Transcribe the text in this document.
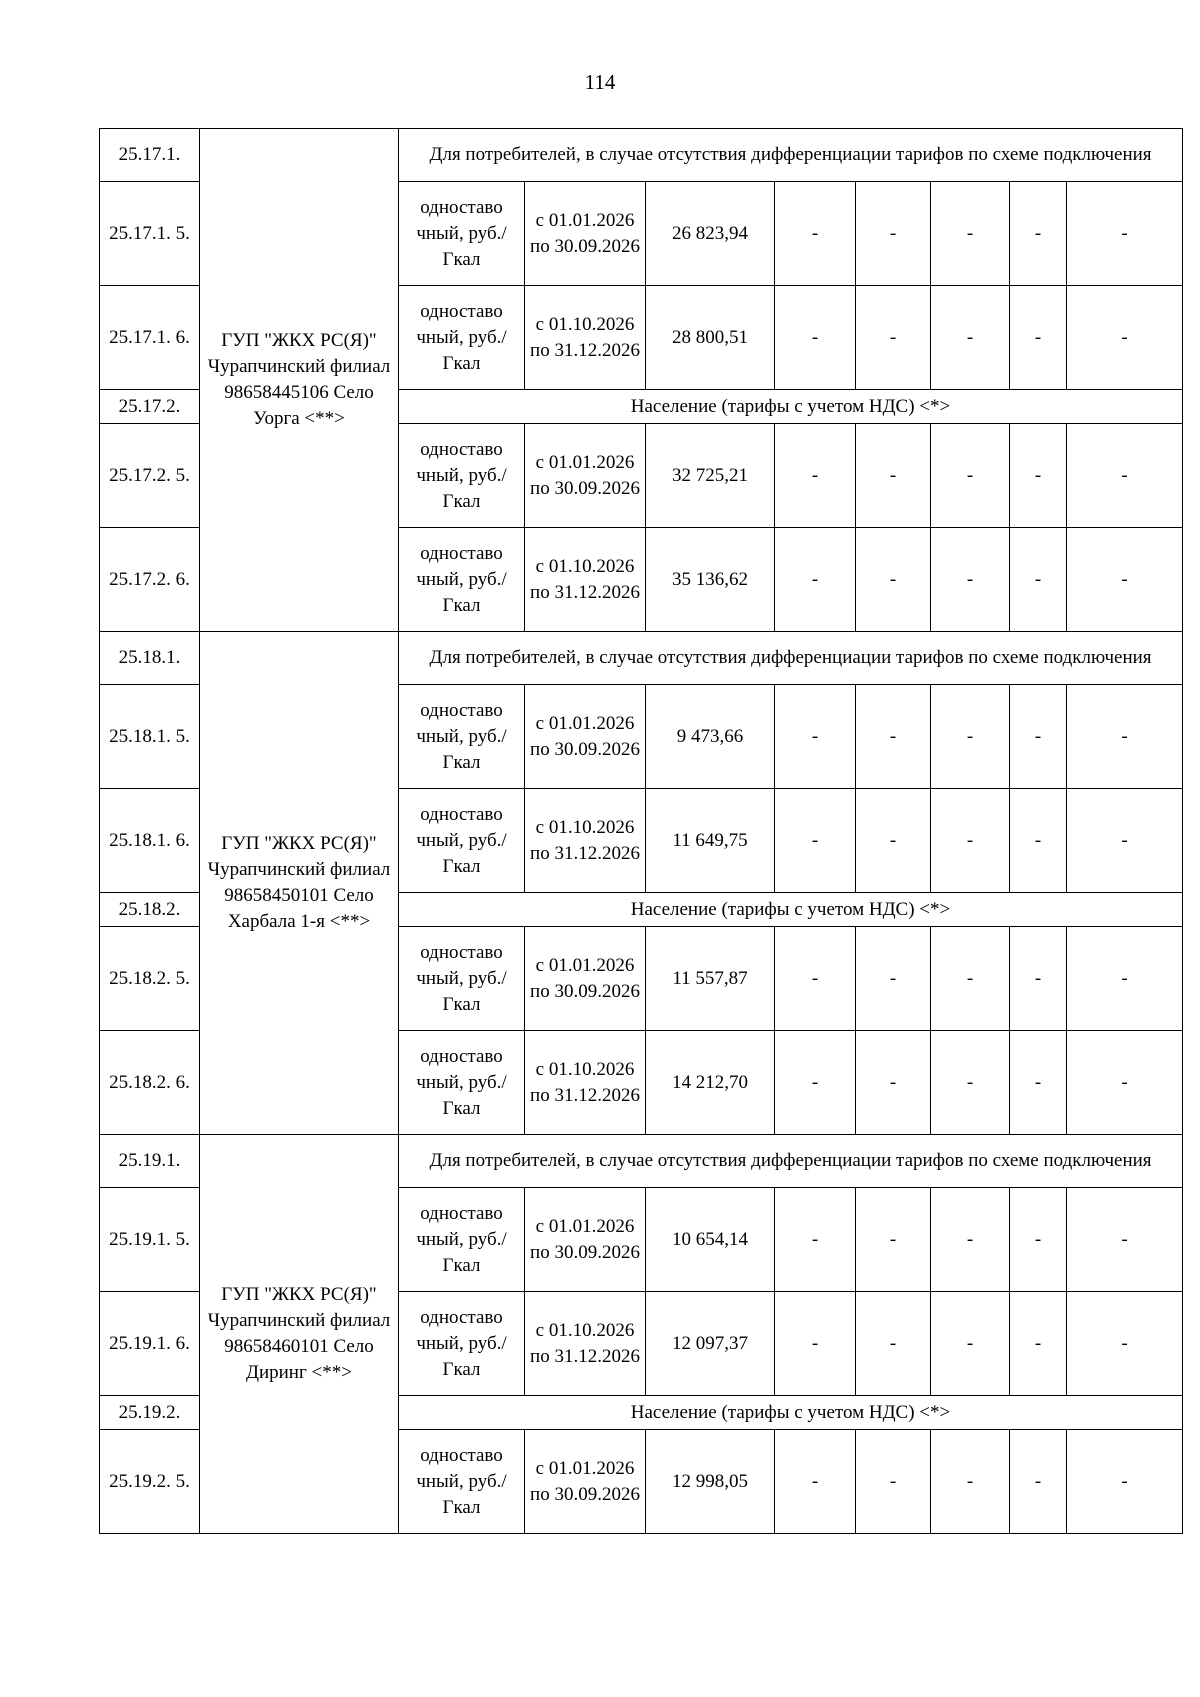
114
25.17.1.	ГУП "ЖКХ РС(Я)" Чурапчинский филиал 98658445106 Село Уорга <**>	Для потребителей, в случае отсутствия дифференциации тарифов по схеме подключения							
25.17.1. 5.		одноставо чный, руб./Гкал	с 01.01.2026 по 30.09.2026	26 823,94	-	-	-	-	-
25.17.1. 6.		одноставо чный, руб./Гкал	с 01.10.2026 по 31.12.2026	28 800,51	-	-	-	-	-
25.17.2.		Население (тарифы с учетом НДС) <*>							
25.17.2. 5.		одноставо чный, руб./Гкал	с 01.01.2026 по 30.09.2026	32 725,21	-	-	-	-	-
25.17.2. 6.		одноставо чный, руб./Гкал	с 01.10.2026 по 31.12.2026	35 136,62	-	-	-	-	-
25.18.1.	ГУП "ЖКХ РС(Я)" Чурапчинский филиал 98658450101 Село Харбала 1-я <**>	Для потребителей, в случае отсутствия дифференциации тарифов по схеме подключения							
25.18.1. 5.		одноставо чный, руб./Гкал	с 01.01.2026 по 30.09.2026	9 473,66	-	-	-	-	-
25.18.1. 6.		одноставо чный, руб./Гкал	с 01.10.2026 по 31.12.2026	11 649,75	-	-	-	-	-
25.18.2.		Население (тарифы с учетом НДС) <*>							
25.18.2. 5.		одноставо чный, руб./Гкал	с 01.01.2026 по 30.09.2026	11 557,87	-	-	-	-	-
25.18.2. 6.		одноставо чный, руб./Гкал	с 01.10.2026 по 31.12.2026	14 212,70	-	-	-	-	-
25.19.1.	ГУП "ЖКХ РС(Я)" Чурапчинский филиал 98658460101 Село Диринг <**>	Для потребителей, в случае отсутствия дифференциации тарифов по схеме подключения							
25.19.1. 5.		одноставо чный, руб./Гкал	с 01.01.2026 по 30.09.2026	10 654,14	-	-	-	-	-
25.19.1. 6.		одноставо чный, руб./Гкал	с 01.10.2026 по 31.12.2026	12 097,37	-	-	-	-	-
25.19.2.		Население (тарифы с учетом НДС) <*>							
25.19.2. 5.		одноставо чный, руб./Гкал	с 01.01.2026 по 30.09.2026	12 998,05	-	-	-	-	-
